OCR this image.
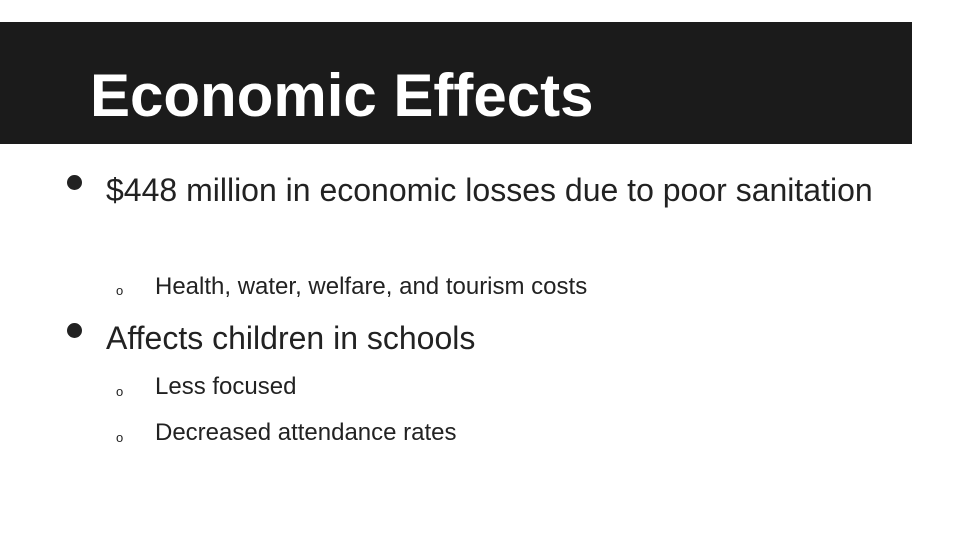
Economic Effects
$448 million in economic losses due to poor sanitation
o Health, water, welfare, and tourism costs
Affects children in schools
o Less focused
o Decreased attendance rates
